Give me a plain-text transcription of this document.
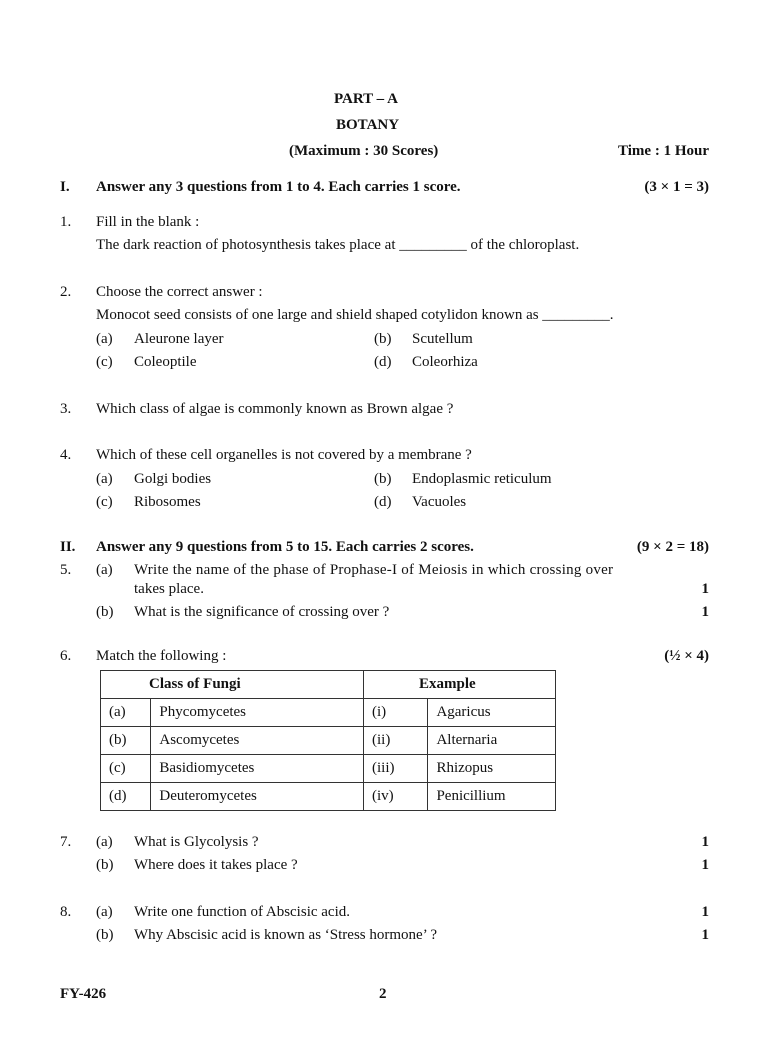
PART – A
BOTANY
(Maximum : 30 Scores)	Time : 1 Hour
I. Answer any 3 questions from 1 to 4. Each carries 1 score.	(3 × 1 = 3)
1. Fill in the blank :
The dark reaction of photosynthesis takes place at _________ of the chloroplast.
2. Choose the correct answer :
Monocot seed consists of one large and shield shaped cotylidon known as _________.
(a) Aleurone layer	(b) Scutellum
(c) Coleoptile	(d) Coleorhiza
3. Which class of algae is commonly known as Brown algae ?
4. Which of these cell organelles is not covered by a membrane ?
(a) Golgi bodies	(b) Endoplasmic reticulum
(c) Ribosomes	(d) Vacuoles
II. Answer any 9 questions from 5 to 15. Each carries 2 scores.	(9 × 2 = 18)
5. (a) Write the name of the phase of Prophase-I of Meiosis in which crossing over
takes place.	1
(b) What is the significance of crossing over ?	1
6. Match the following :	(½ × 4)
Class of Fungi		Example	
(a)	Phycomycetes	(i)	Agaricus
(b)	Ascomycetes	(ii)	Alternaria
(c)	Basidiomycetes	(iii)	Rhizopus
(d)	Deuteromycetes	(iv)	Penicillium
7. (a) What is Glycolysis ?	1
(b) Where does it takes place ?	1
8. (a) Write one function of Abscisic acid.	1
(b) Why Abscisic acid is known as ‘Stress hormone’ ?	1
FY-426	2
